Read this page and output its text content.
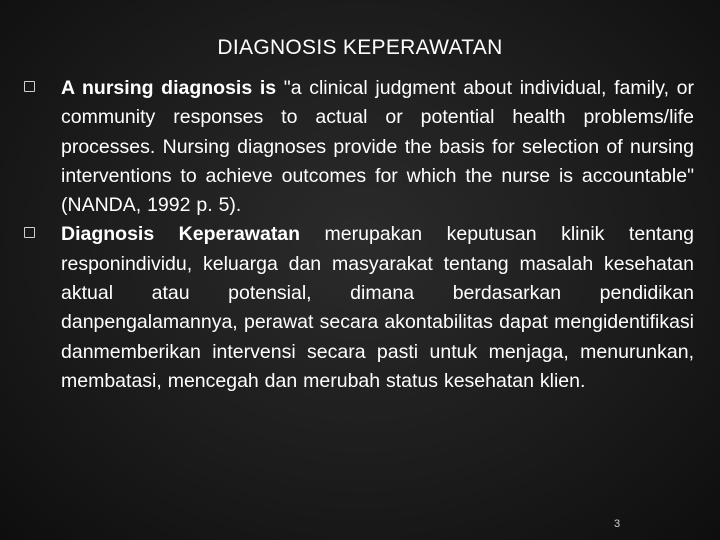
DIAGNOSIS KEPERAWATAN
A nursing diagnosis is "a clinical judgment about individual, family, or community responses to actual or potential health problems/life processes. Nursing diagnoses provide the basis for selection of nursing interventions to achieve outcomes for which the nurse is accountable" (NANDA, 1992 p. 5).
Diagnosis Keperawatan merupakan keputusan klinik tentang responindividu, keluarga dan masyarakat tentang masalah kesehatan aktual atau potensial, dimana berdasarkan pendidikan danpengalamannya, perawat secara akontabilitas dapat mengidentifikasi danmemberikan intervensi secara pasti untuk menjaga, menurunkan, membatasi, mencegah dan merubah status kesehatan klien.
3
